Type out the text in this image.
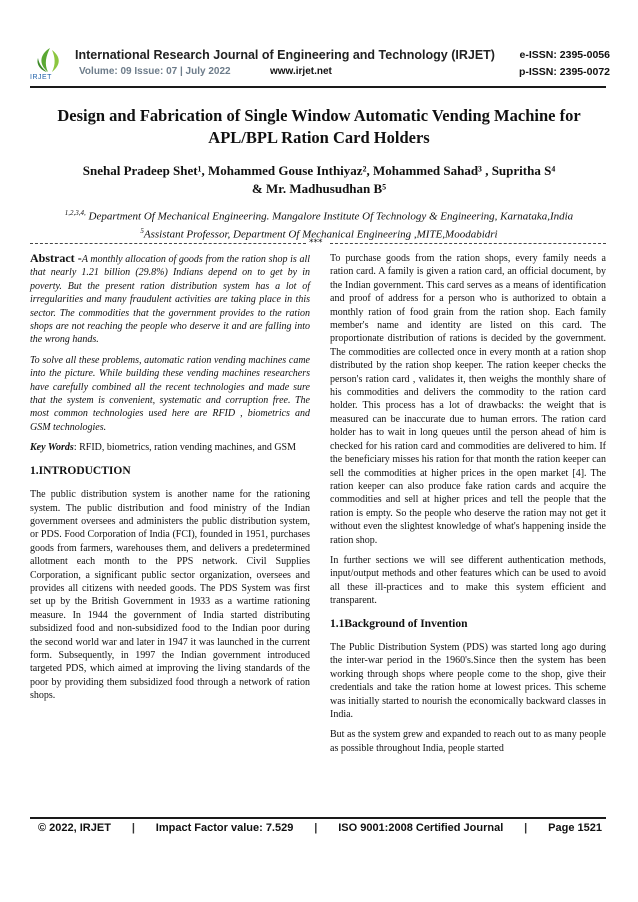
IRJET
International Research Journal of Engineering and Technology (IRJET) e-ISSN: 2395-0056
Volume: 09 Issue: 07 | July 2022	www.irjet.net	p-ISSN: 2395-0072
Design and Fabrication of Single Window Automatic Vending Machine for APL/BPL Ration Card Holders
Snehal Pradeep Shet¹, Mohammed Gouse Inthiyaz², Mohammed Sahad³ , Supritha S⁴
& Mr. Madhusudhan B⁵
$^{1,2,3,4,}$ Department Of Mechanical Engineering. Mangalore Institute Of Technology & Engineering, Karnataka,India
$^5$Assistant Professor, Department Of Mechanical Engineering ,MITE,Moodabidri
***

Abstract -A monthly allocation of goods from the ration shop is all that nearly 1.21 billion (29.8%) Indians depend on to get by in poverty. But the present ration distribution system has a lot of irregularities and many fraudulent activities are taking place in this sector. The commodities that the government provides to the ration shops are not reaching the people who deserve it and are falling into the wrong hands.

To solve all these problems, automatic ration vending machines came into the picture. While building these vending machines researchers have carefully combined all the recent technologies and made sure that the system is convenient, systematic and corruption free. The most common technologies used here are RFID , biometrics and GSM technologies.

Key Words: RFID, biometrics, ration vending machines, and GSM

1.INTRODUCTION

The public distribution system is another name for the rationing system. The public distribution and food ministry of the Indian government oversees and administers the public distribution system, or PDS. Food Corporation of India (FCI), founded in 1951, purchases goods from farmers, warehouses them, and delivers a predetermined allotment each month to the PPS network. Civil Supplies Corporation, a significant public sector organization, oversees and provides all citizens with needed goods. The PDS System was first set up by the British Government in 1933 as a wartime rationing measure. In 1944 the government of India started distributing subsidized food and non-subsidized food to the Indian poor during the second world war and later in 1947 it was launched in the current form. Subsequently, in 1997 the Indian government introduced targeted PDS, which aimed at improving the living standards of the poor by providing them subsidized food through a network of ration shops.

To purchase goods from the ration shops, every family needs a ration card. A family is given a ration card, an official document, by the Indian government. This card serves as a means of identification and proof of address for a person who is authorized to obtain a monthly ration of food grain from the ration shop. Each family member's name and identity are listed on this card. The proportionate distribution of rations is decided by the government. The commodities are collected once in every month at a ration shop distributed by the ration shop keeper. The ration keeper checks the person's ration card , validates it, then weighs the monthly share of his commodities and delivers the commodity to the ration card holder. This process has a lot of drawbacks: the weight that is measured can be inaccurate due to human errors. The ration card holder has to wait in long queues until the person ahead of him is checked for his ration card and commodities are delivered to him. If the beneficiary misses his ration for that month the ration keeper can sell the commodities at higher prices in the open market [4]. The ration keeper can also produce fake ration cards and acquire the commodities and sell at higher prices and tell the people that the ration is empty. So the people who deserve the ration may not get it without even the slightest knowledge of what's happening inside the ration shop.

In further sections we will see different authentication methods, input/output methods and other features which can be used to avoid all these ill-practices and to make this system efficient and transparent.

1.1Background of Invention

The Public Distribution System (PDS) was started long ago during the inter-war period in the 1960's.Since then the system has been working through shops where people come to the shop, give their credentials and take the ration home at lowest prices. This scheme was initially started to nourish the economically backward classes in India.

But as the system grew and expanded to reach out to as many people as possible throughout India, people started

© 2022, IRJET | Impact Factor value: 7.529 | ISO 9001:2008 Certified Journal | Page 1521
